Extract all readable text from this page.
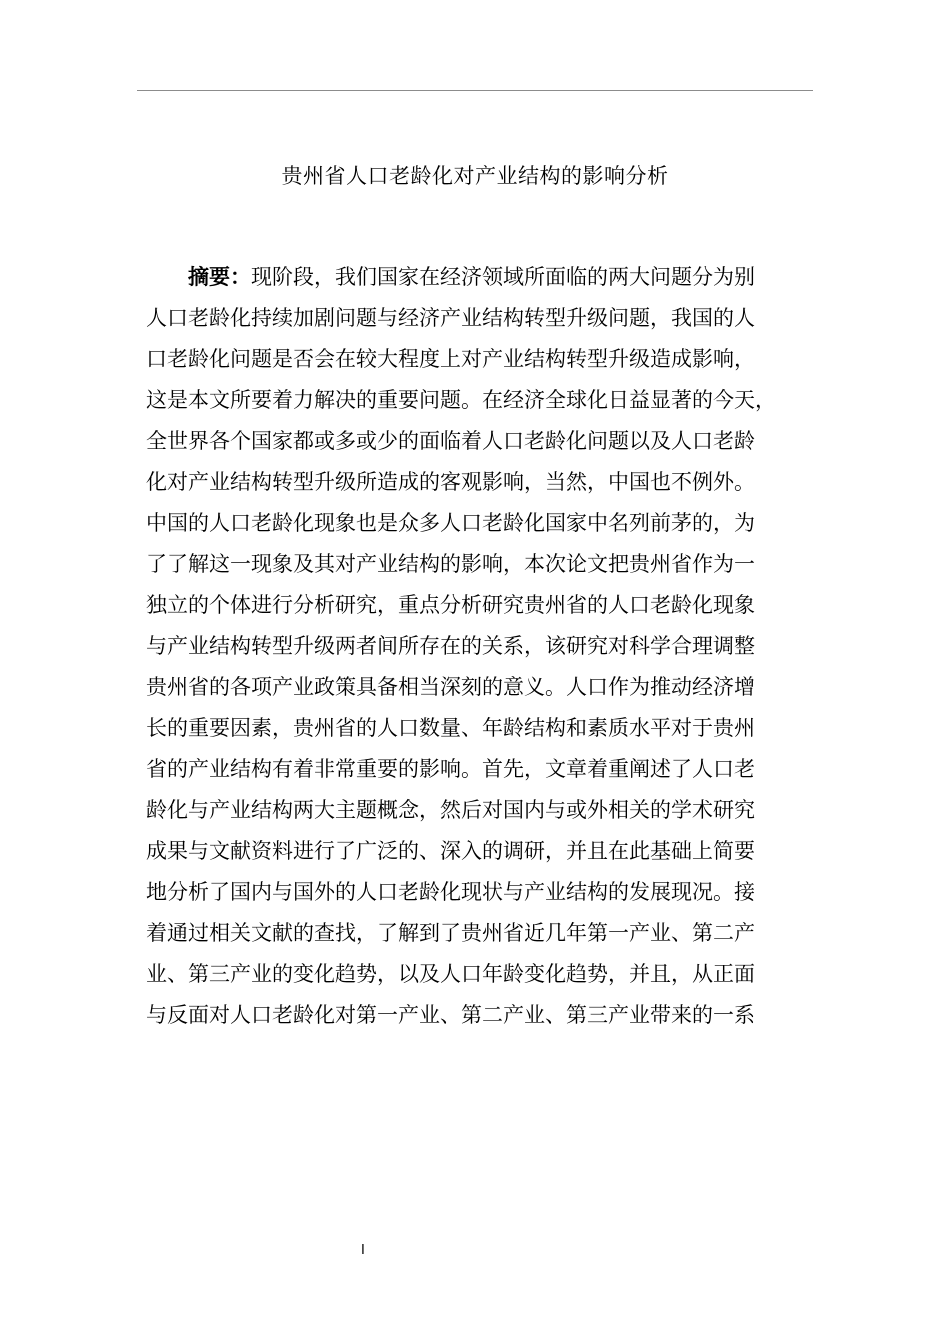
贵州省人口老龄化对产业结构的影响分析
摘要：现阶段，我们国家在经济领域所面临的两大问题分为别
人口老龄化持续加剧问题与经济产业结构转型升级问题，我国的人
口老龄化问题是否会在较大程度上对产业结构转型升级造成影响，
这是本文所要着力解决的重要问题。在经济全球化日益显著的今天，
全世界各个国家都或多或少的面临着人口老龄化问题以及人口老龄
化对产业结构转型升级所造成的客观影响，当然，中国也不例外。
中国的人口老龄化现象也是众多人口老龄化国家中名列前茅的，为
了了解这一现象及其对产业结构的影响，本次论文把贵州省作为一
独立的个体进行分析研究，重点分析研究贵州省的人口老龄化现象
与产业结构转型升级两者间所存在的关系，该研究对科学合理调整
贵州省的各项产业政策具备相当深刻的意义。人口作为推动经济增
长的重要因素，贵州省的人口数量、年龄结构和素质水平对于贵州
省的产业结构有着非常重要的影响。首先，文章着重阐述了人口老
龄化与产业结构两大主题概念，然后对国内与或外相关的学术研究
成果与文献资料进行了广泛的、深入的调研，并且在此基础上简要
地分析了国内与国外的人口老龄化现状与产业结构的发展现况。接
着通过相关文献的查找，了解到了贵州省近几年第一产业、第二产
业、第三产业的变化趋势，以及人口年龄变化趋势，并且，从正面
与反面对人口老龄化对第一产业、第二产业、第三产业带来的一系
I
